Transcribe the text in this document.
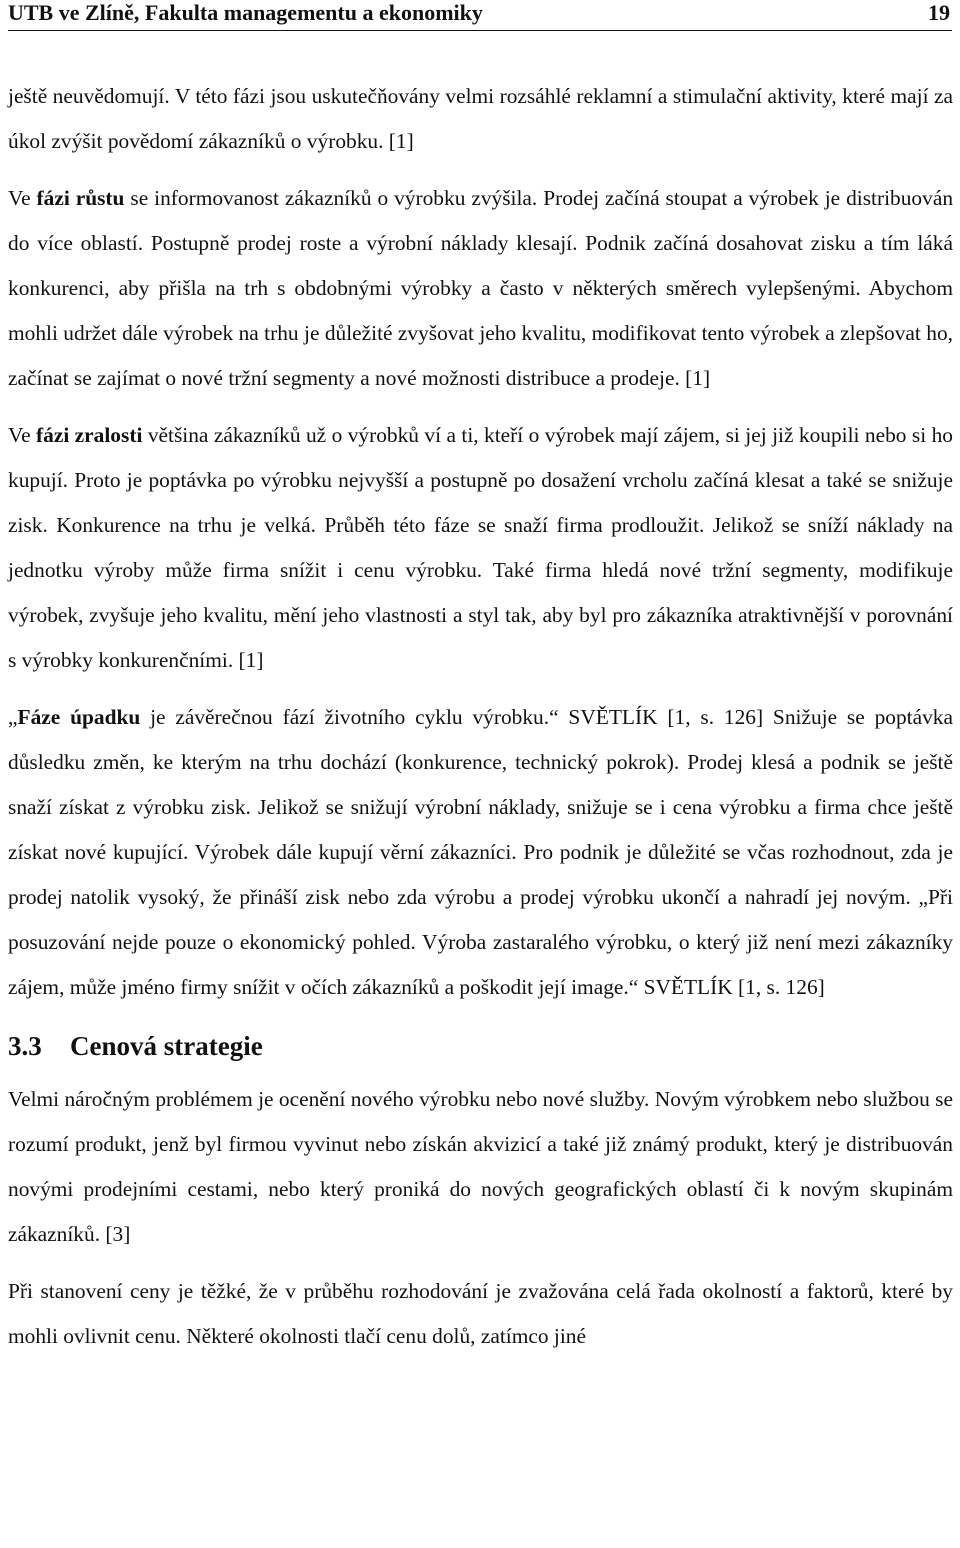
UTB ve Zlíně, Fakulta managementu a ekonomiky	19

ještě neuvědomují. V této fázi jsou uskutečňovány velmi rozsáhlé reklamní a stimulační aktivity, které mají za úkol zvýšit povědomí zákazníků o výrobku. [1]

Ve fázi růstu se informovanost zákazníků o výrobku zvýšila. Prodej začíná stoupat a výrobek je distribuován do více oblastí. Postupně prodej roste a výrobní náklady klesají. Podnik začíná dosahovat zisku a tím láká konkurenci, aby přišla na trh s obdobnými výrobky a často v některých směrech vylepšenými. Abychom mohli udržet dále výrobek na trhu je důležité zvyšovat jeho kvalitu, modifikovat tento výrobek a zlepšovat ho, začínat se zajímat o nové tržní segmenty a nové možnosti distribuce a prodeje. [1]

Ve fázi zralosti většina zákazníků už o výrobků ví a ti, kteří o výrobek mají zájem, si jej již koupili nebo si ho kupují. Proto je poptávka po výrobku nejvyšší a postupně po dosažení vrcholu začíná klesat a také se snižuje zisk. Konkurence na trhu je velká. Průběh této fáze se snaží firma prodloužit. Jelikož se sníží náklady na jednotku výroby může firma snížit i cenu výrobku. Také firma hledá nové tržní segmenty, modifikuje výrobek, zvyšuje jeho kvalitu, mění jeho vlastnosti a styl tak, aby byl pro zákazníka atraktivnější v porovnání s výrobky konkurenčními. [1]

„Fáze úpadku je závěrečnou fází životního cyklu výrobku.“ SVĚTLÍK [1, s. 126] Snižuje se poptávka důsledku změn, ke kterým na trhu dochází (konkurence, technický pokrok). Prodej klesá a podnik se ještě snaží získat z výrobku zisk. Jelikož se snižují výrobní náklady, snižuje se i cena výrobku a firma chce ještě získat nové kupující. Výrobek dále kupují věrní zákazníci. Pro podnik je důležité se včas rozhodnout, zda je prodej natolik vysoký, že přináší zisk nebo zda výrobu a prodej výrobku ukončí a nahradí jej novým. „Při posuzování nejde pouze o ekonomický pohled. Výroba zastaralého výrobku, o který již není mezi zákazníky zájem, může jméno firmy snížit v očích zákazníků a poškodit její image.“ SVĚTLÍK [1, s. 126]

3.3 Cenová strategie

Velmi náročným problémem je ocenění nového výrobku nebo nové služby. Novým výrobkem nebo službou se rozumí produkt, jenž byl firmou vyvinut nebo získán akvizicí a také již známý produkt, který je distribuován novými prodejními cestami, nebo který proniká do nových geografických oblastí či k novým skupinám zákazníků. [3]

Při stanovení ceny je těžké, že v průběhu rozhodování je zvažována celá řada okolností a faktorů, které by mohli ovlivnit cenu. Některé okolnosti tlačí cenu dolů, zatímco jiné
